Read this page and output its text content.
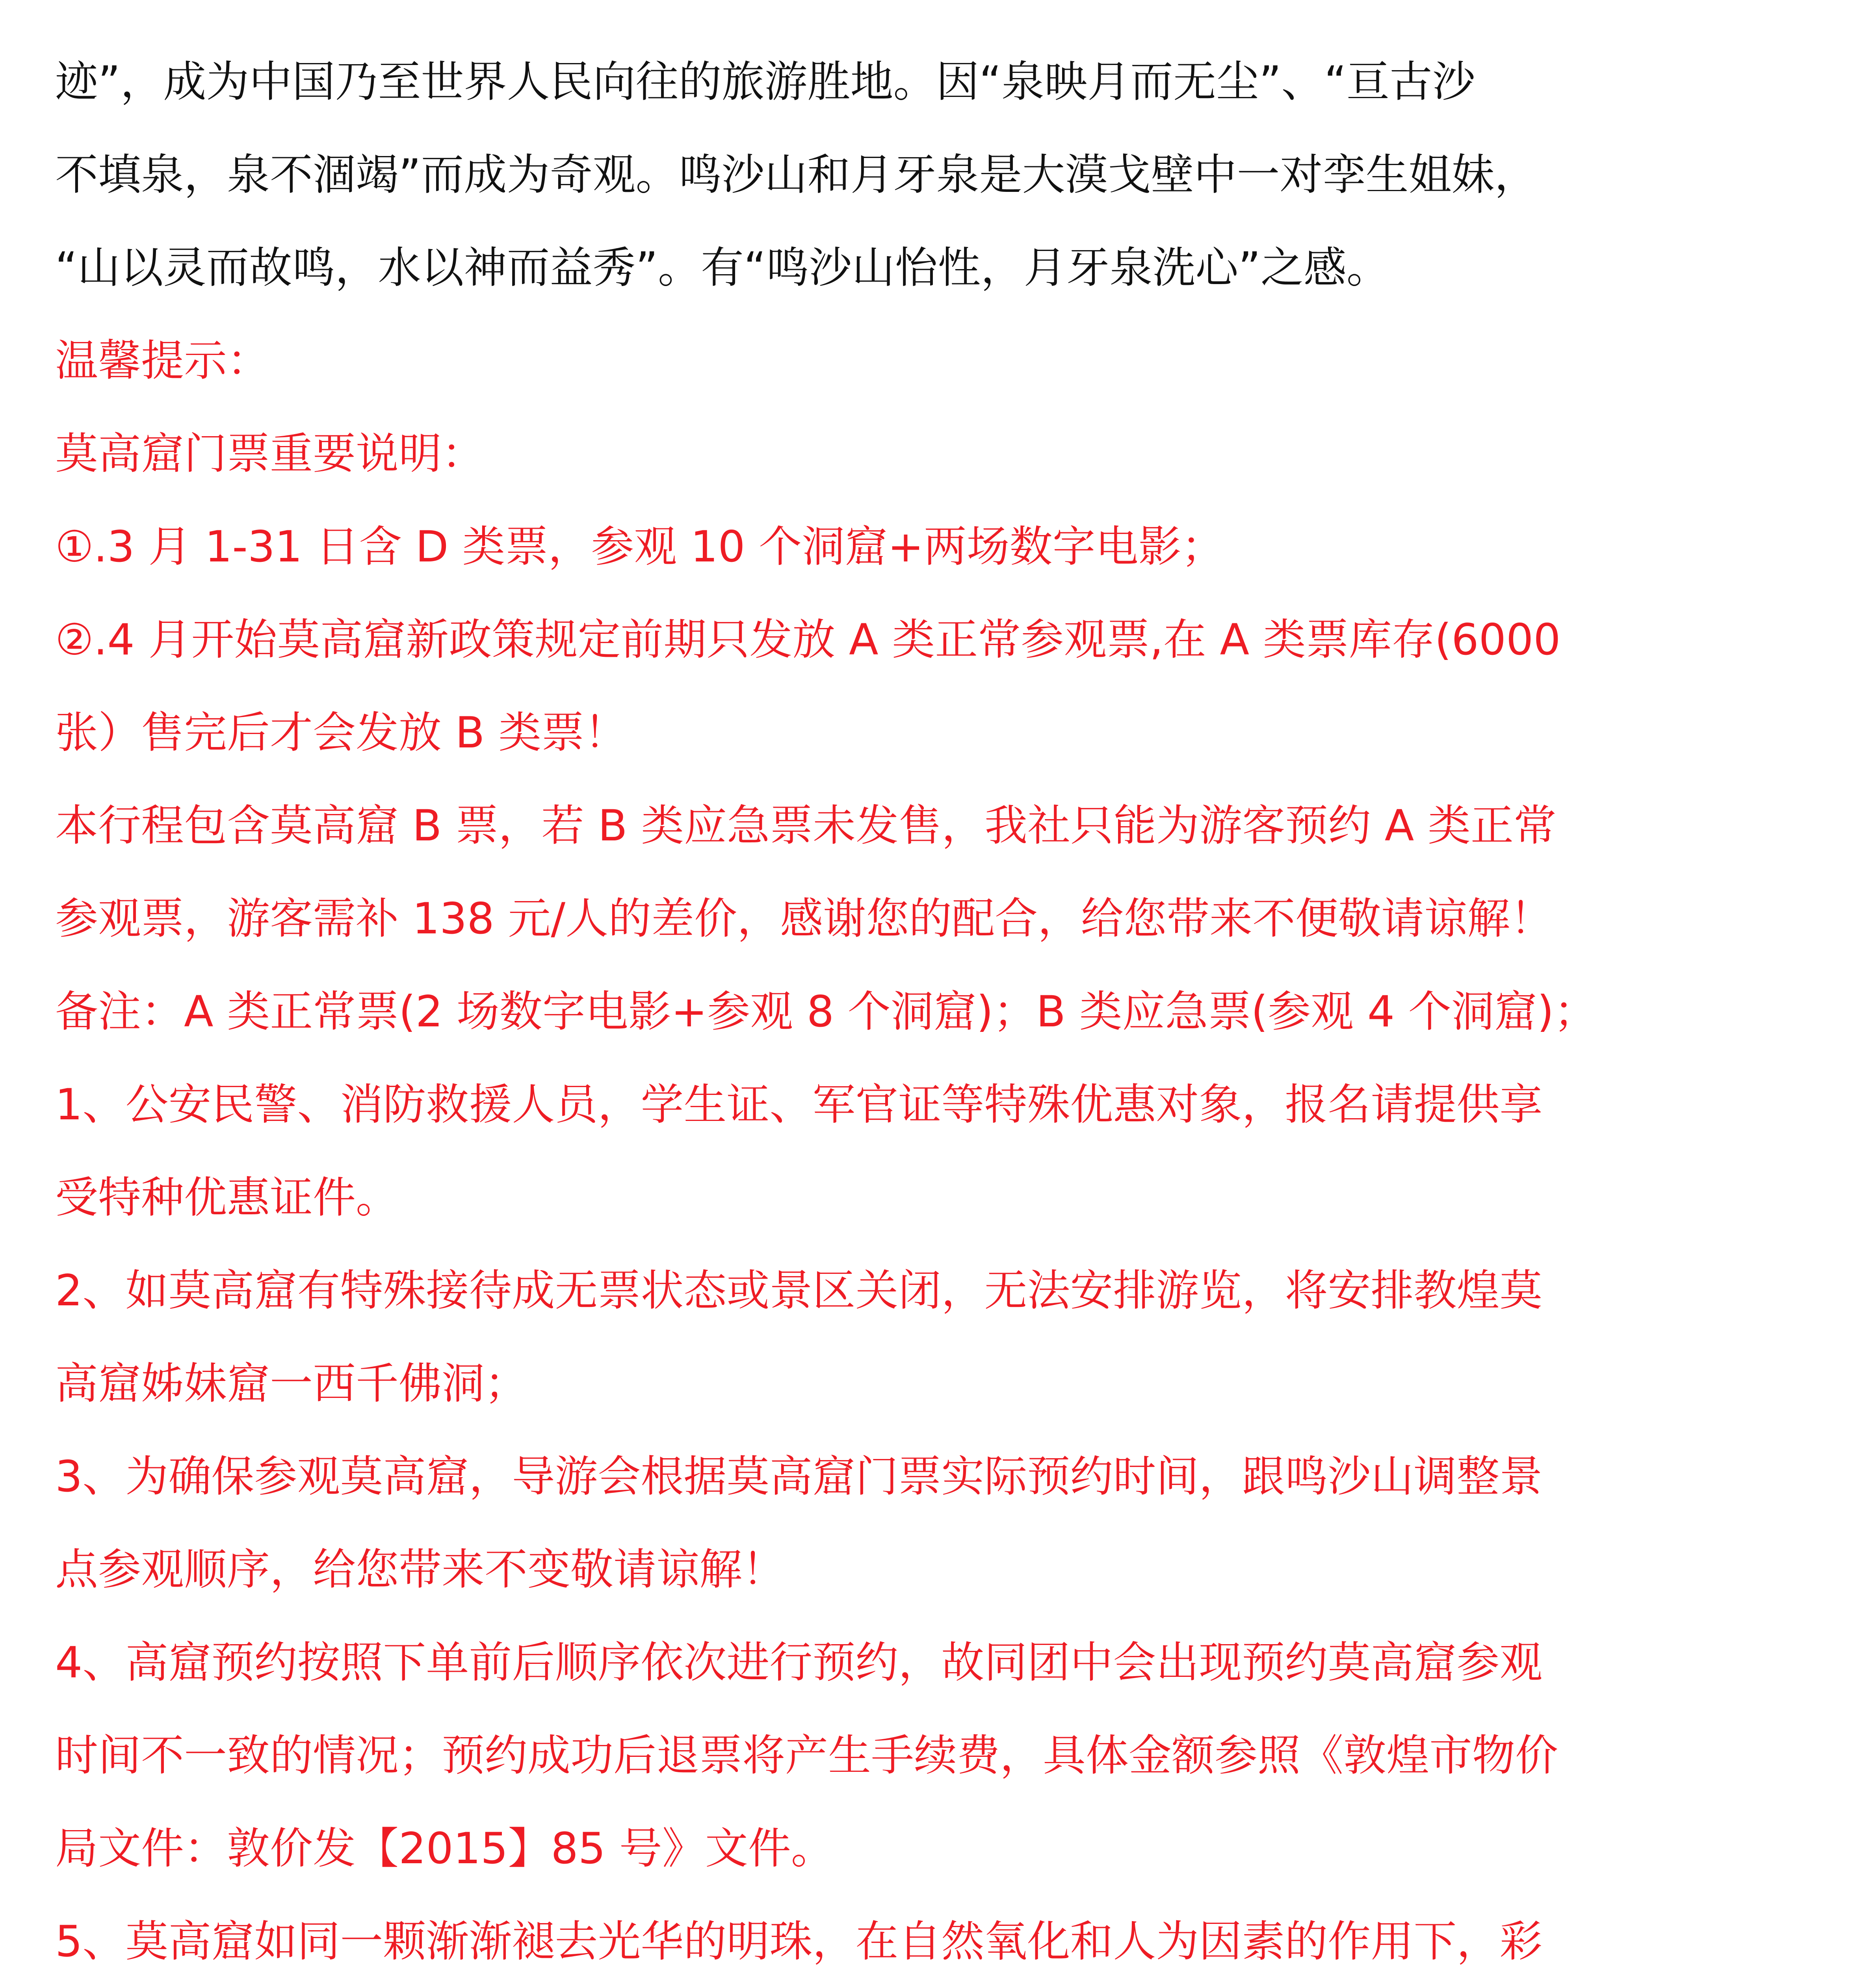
迹”，成为中国乃至世界人民向往的旅游胜地。因“泉映月而无尘”、“亘古沙
不填泉，泉不涸竭”而成为奇观。鸣沙山和月牙泉是大漠戈壁中一对孪生姐妹，
“山以灵而故鸣，水以神而益秀”。有“鸣沙山怡性，月牙泉洗心”之感。
温馨提示：
莫高窟门票重要说明：
①.3 月 1-31 日含 D 类票，参观 10 个洞窟+两场数字电影；
②.4 月开始莫高窟新政策规定前期只发放 A 类正常参观票,在 A 类票库存(6000
张）售完后才会发放 B 类票！
本行程包含莫高窟 B 票，若 B 类应急票未发售，我社只能为游客预约 A 类正常
参观票，游客需补 138 元/人的差价，感谢您的配合，给您带来不便敬请谅解！
备注：A 类正常票(2 场数字电影+参观 8 个洞窟)；B 类应急票(参观 4 个洞窟)；
1、公安民警、消防救援人员，学生证、军官证等特殊优惠对象，报名请提供享
受特种优惠证件。
2、如莫高窟有特殊接待成无票状态或景区关闭，无法安排游览，将安排教煌莫
高窟姊妹窟一西千佛洞；
3、为确保参观莫高窟，导游会根据莫高窟门票实际预约时间，跟鸣沙山调整景
点参观顺序，给您带来不变敬请谅解！
4、高窟预约按照下单前后顺序依次进行预约，故同团中会出现预约莫高窟参观
时间不一致的情况；预约成功后退票将产生手续费，具体金额参照《敦煌市物价
局文件：敦价发【2015】85 号》文件。
5、莫高窟如同一颗渐渐褪去光华的明珠，在自然氧化和人为因素的作用下，彩
